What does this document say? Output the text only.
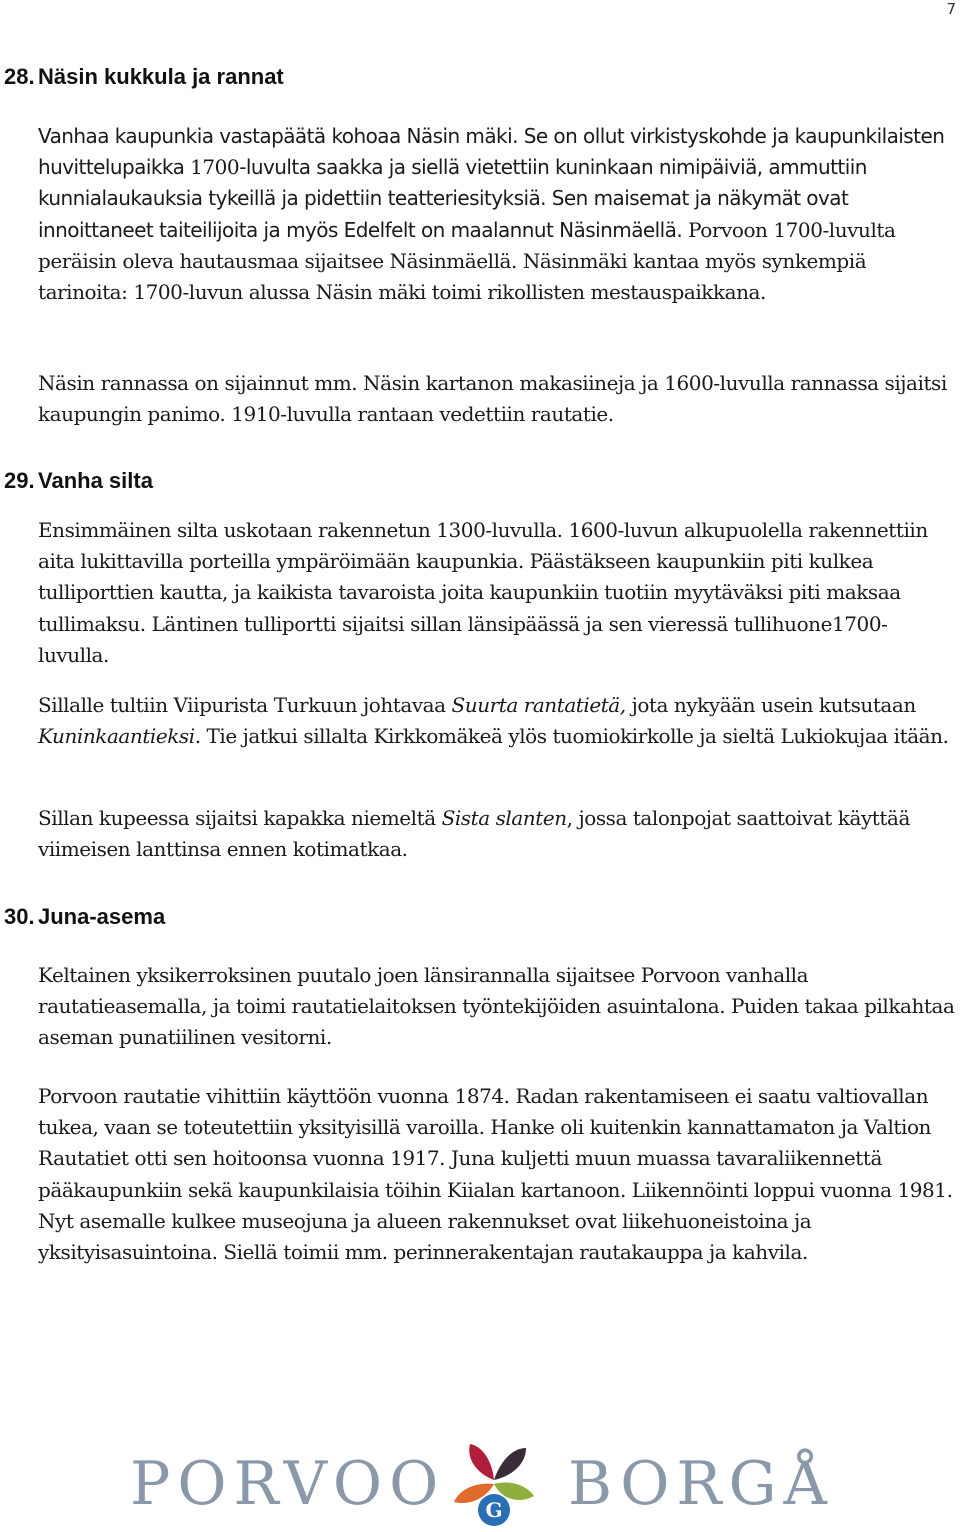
7
28. Näsin kukkula ja rannat

Vanhaa kaupunkia vastapäätä kohoaa Näsin mäki. Se on ollut virkistyskohde ja kaupunkilaisten huvittelupaikka 1700-luvulta saakka ja siellä vietettiin kuninkaan nimipäiviä, ammuttiin kunnialaukauksia tykeillä ja pidettiin teatteriesityksiä. Sen maisemat ja näkymät ovat innoittaneet taiteilijoita ja myös Edelfelt on maalannut Näsinmäellä. Porvoon 1700-luvulta peräisin oleva hautausmaa sijaitsee Näsinmäellä. Näsinmäki kantaa myös synkempiä tarinoita: 1700-luvun alussa Näsin mäki toimi rikollisten mestauspaikkana.

Näsin rannassa on sijainnut mm. Näsin kartanon makasiineja ja 1600-luvulla rannassa sijaitsi kaupungin panimo. 1910-luvulla rantaan vedettiin rautatie.

29. Vanha silta

Ensimmäinen silta uskotaan rakennetun 1300-luvulla. 1600-luvun alkupuolella rakennettiin aita lukittavilla porteilla ympäröimään kaupunkia. Päästäkseen kaupunkiin piti kulkea tulliporttien kautta, ja kaikista tavaroista joita kaupunkiin tuotiin myytäväksi piti maksaa tullimaksu. Läntinen tulliportti sijaitsi sillan länsipäässä ja sen vieressä tullihuone1700-luvulla.

Sillalle tultiin Viipurista Turkuun johtavaa Suurta rantatietä, jota nykyään usein kutsutaan Kuninkaantieksi. Tie jatkui sillalta Kirkkomäkeä ylös tuomiokirkolle ja sieltä Lukiokujaa itään.

Sillan kupeessa sijaitsi kapakka niemeltä Sista slanten, jossa talonpojat saattoivat käyttää viimeisen lanttinsa ennen kotimatkaa.

30. Juna-asema

Keltainen yksikerroksinen puutalo joen länsirannalla sijaitsee Porvoon vanhalla rautatieasemalla, ja toimi rautatielaitoksen työntekijöiden asuintalona. Puiden takaa pilkahtaa aseman punatiilinen vesitorni.

Porvoon rautatie vihittiin käyttöön vuonna 1874. Radan rakentamiseen ei saatu valtiovallan tukea, vaan se toteutettiin yksityisillä varoilla. Hanke oli kuitenkin kannattamaton ja Valtion Rautatiet otti sen hoitoonsa vuonna 1917. Juna kuljetti muun muassa tavaraliikennettä pääkaupunkiin sekä kaupunkilaisia töihin Kiialan kartanoon. Liikennöinti loppui vuonna 1981. Nyt asemalle kulkee museojuna ja alueen rakennukset ovat liikehuoneistoina ja yksityisasuintoina. Siellä toimii mm. perinnerakentajan rautakauppa ja kahvila.

PORVOO G BORGÅ
